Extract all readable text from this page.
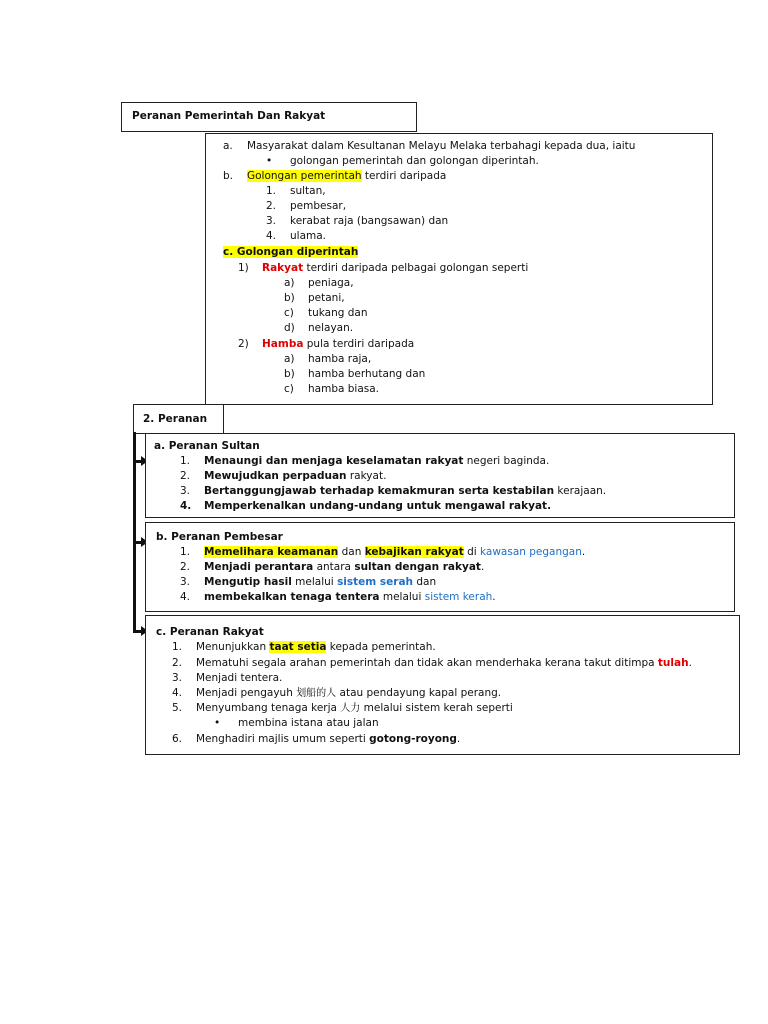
Peranan Pemerintah Dan Rakyat
a. Masyarakat dalam Kesultanan Melayu Melaka terbahagi kepada dua, iaitu
• golongan pemerintah dan golongan diperintah.
b. Golongan pemerintah terdiri daripada
1. sultan,
2. pembesar,
3. kerabat raja (bangsawan) dan
4. ulama.
c. Golongan diperintah
1) Rakyat terdiri daripada pelbagai golongan seperti
a) peniaga,
b) petani,
c) tukang dan
d) nelayan.
2) Hamba pula terdiri daripada
a) hamba raja,
b) hamba berhutang dan
c) hamba biasa.
2. Peranan
a. Peranan Sultan
1. Menaungi dan menjaga keselamatan rakyat negeri baginda.
2. Mewujudkan perpaduan rakyat.
3. Bertanggungjawab terhadap kemakmuran serta kestabilan kerajaan.
4. Memperkenalkan undang-undang untuk mengawal rakyat.
b. Peranan Pembesar
1. Memelihara keamanan dan kebajikan rakyat di kawasan pegangan.
2. Menjadi perantara antara sultan dengan rakyat.
3. Mengutip hasil melalui sistem serah dan
4. membekalkan tenaga tentera melalui sistem kerah.
c. Peranan Rakyat
1. Menunjukkan taat setia kepada pemerintah.
2. Mematuhi segala arahan pemerintah dan tidak akan menderhaka kerana takut ditimpa tulah.
3. Menjadi tentera.
4. Menjadi pengayuh 划船的人 atau pendayung kapal perang.
5. Menyumbang tenaga kerja 人力 melalui sistem kerah seperti
• membina istana atau jalan
6. Menghadiri majlis umum seperti gotong-royong.
